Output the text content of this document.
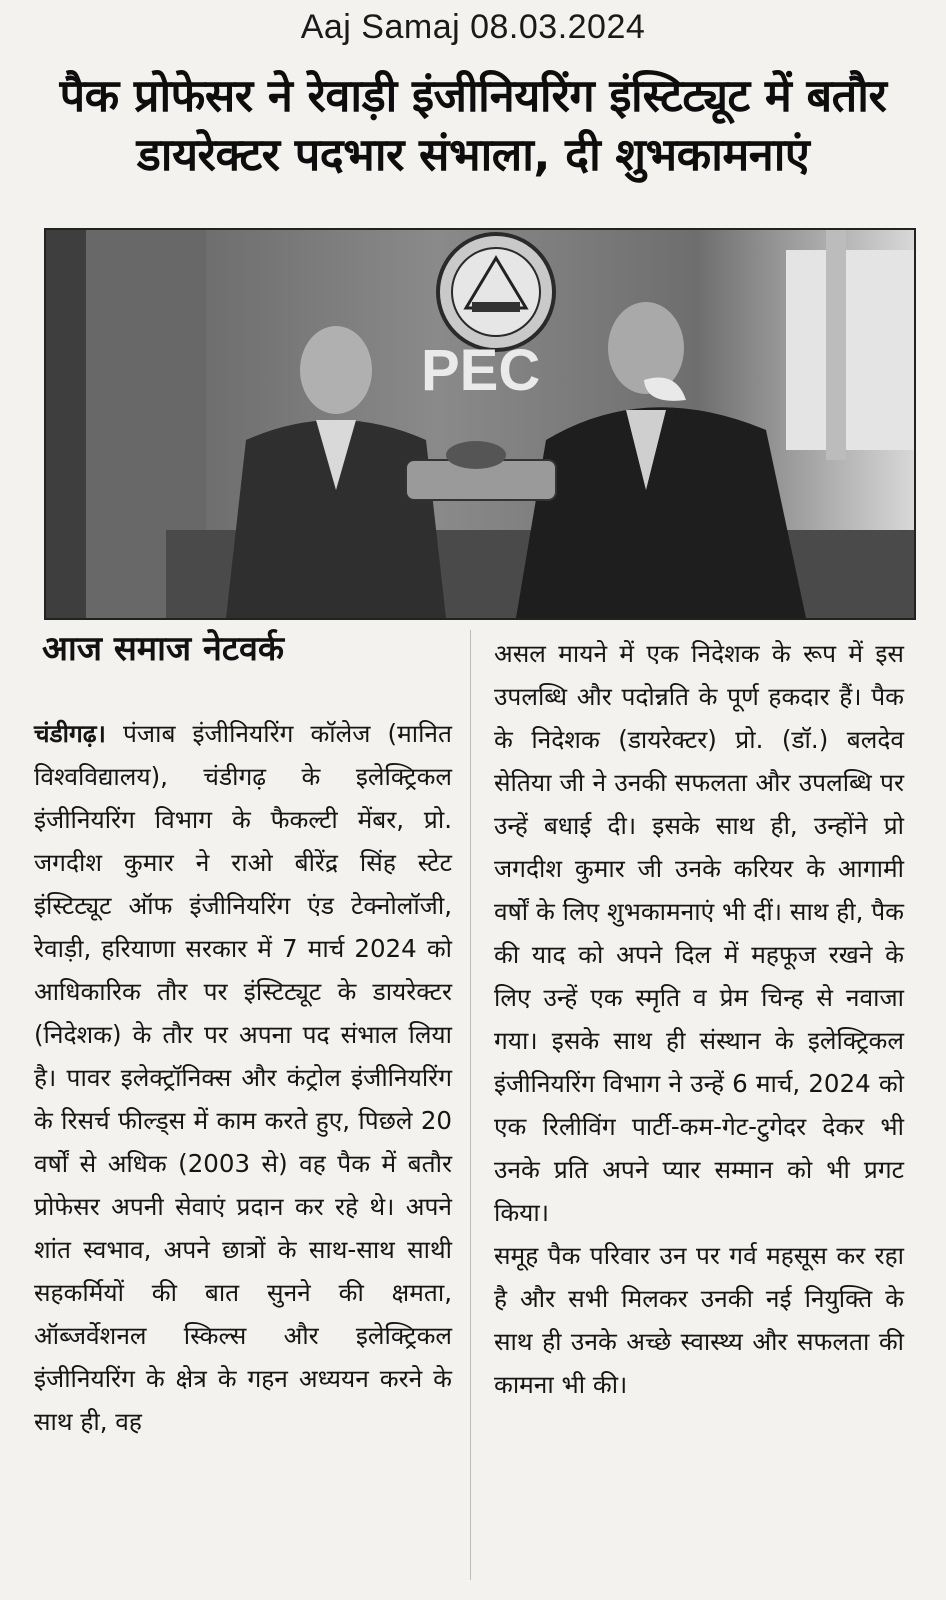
Aaj Samaj 08.03.2024
पैक प्रोफेसर ने रेवाड़ी इंजीनियरिंग इंस्टिट्यूट में बतौर डायरेक्टर पदभार संभाला, दी शुभकामनाएं
PEC
आज समाज नेटवर्क

चंडीगढ़। पंजाब इंजीनियरिंग कॉलेज (मानित विश्वविद्यालय), चंडीगढ़ के इलेक्ट्रिकल इंजीनियरिंग विभाग के फैकल्टी मेंबर, प्रो. जगदीश कुमार ने राओ बीरेंद्र सिंह स्टेट इंस्टिट्यूट ऑफ इंजीनियरिंग एंड टेक्नोलॉजी, रेवाड़ी, हरियाणा सरकार में 7 मार्च 2024 को आधिकारिक तौर पर इंस्टिट्यूट के डायरेक्टर (निदेशक) के तौर पर अपना पद संभाल लिया है। पावर इलेक्ट्रॉनिक्स और कंट्रोल इंजीनियरिंग के रिसर्च फील्ड्स में काम करते हुए, पिछले 20 वर्षों से अधिक (2003 से) वह पैक में बतौर प्रोफेसर अपनी सेवाएं प्रदान कर रहे थे। अपने शांत स्वभाव, अपने छात्रों के साथ-साथ साथी सहकर्मियों की बात सुनने की क्षमता, ऑब्जर्वेशनल स्किल्स और इलेक्ट्रिकल इंजीनियरिंग के क्षेत्र के गहन अध्ययन करने के साथ ही, वह

असल मायने में एक निदेशक के रूप में इस उपलब्धि और पदोन्नति के पूर्ण हकदार हैं। पैक के निदेशक (डायरेक्टर) प्रो. (डॉ.) बलदेव सेतिया जी ने उनकी सफलता और उपलब्धि पर उन्हें बधाई दी। इसके साथ ही, उन्होंने प्रो जगदीश कुमार जी उनके करियर के आगामी वर्षों के लिए शुभकामनाएं भी दीं। साथ ही, पैक की याद को अपने दिल में महफूज रखने के लिए उन्हें एक स्मृति व प्रेम चिन्ह से नवाजा गया। इसके साथ ही संस्थान के इलेक्ट्रिकल इंजीनियरिंग विभाग ने उन्हें 6 मार्च, 2024 को एक रिलीविंग पार्टी-कम-गेट-टुगेदर देकर भी उनके प्रति अपने प्यार सम्मान को भी प्रगट किया।

समूह पैक परिवार उन पर गर्व महसूस कर रहा है और सभी मिलकर उनकी नई नियुक्ति के साथ ही उनके अच्छे स्वास्थ्य और सफलता की कामना भी की।
